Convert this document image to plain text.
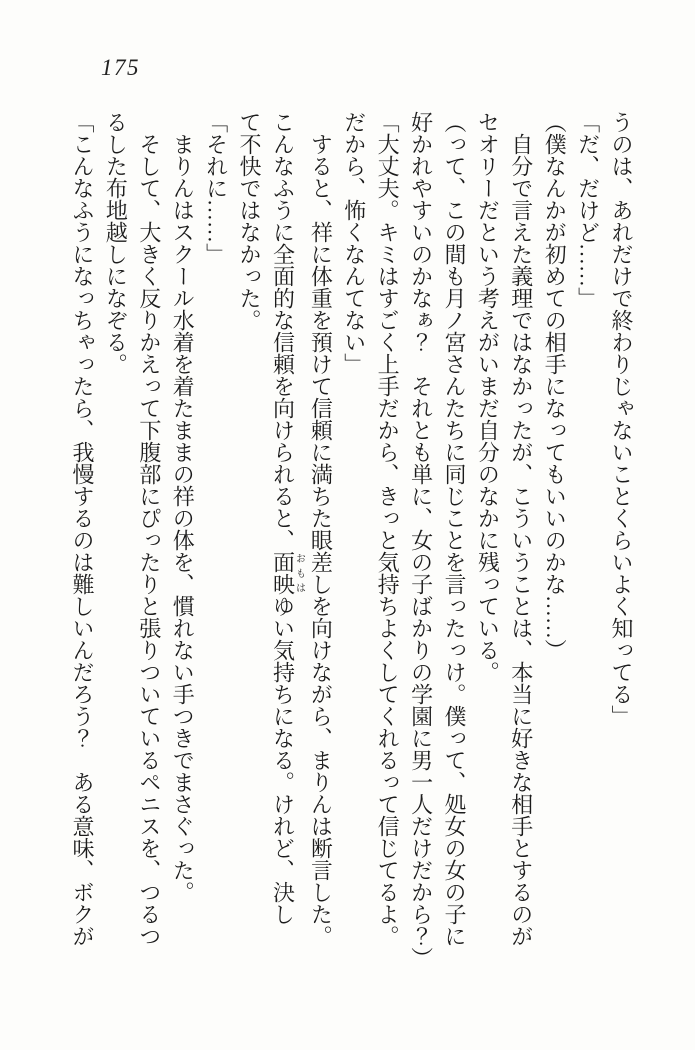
175

うのは、あれだけで終わりじゃないことくらいよく知ってる」

「だ、だけど……」

（僕なんかが初めての相手になってもいいのかな……）

　自分で言えた義理ではなかったが、こういうことは、本当に好きな相手とするのが

セオリーだという考えがいまだ自分のなかに残っている。

（って、この間も月ノ宮さんたちに同じことを言ったっけ。僕って、処女の女の子に

好かれやすいのかなぁ？　それとも単に、女の子ばかりの学園に男一人だけだから？）

「大丈夫。キミはすごく上手だから、きっと気持ちよくしてくれるって信じてるよ。

だから、怖くなんてない」

　すると、祥に体重を預けて信頼に満ちた眼差しを向けながら、まりんは断言した。

こんなふうに全面的な信頼を向けられると、面映おもはゆい気持ちになる。けれど、決し

て不快ではなかった。

「それに……」

　まりんはスクール水着を着たままの祥の体を、慣れない手つきでまさぐった。

　そして、大きく反りかえって下腹部にぴったりと張りついているペニスを、つるつ

るした布地越しになぞる。

「こんなふうになっちゃったら、我慢するのは難しいんだろう？　ある意味、ボクが
